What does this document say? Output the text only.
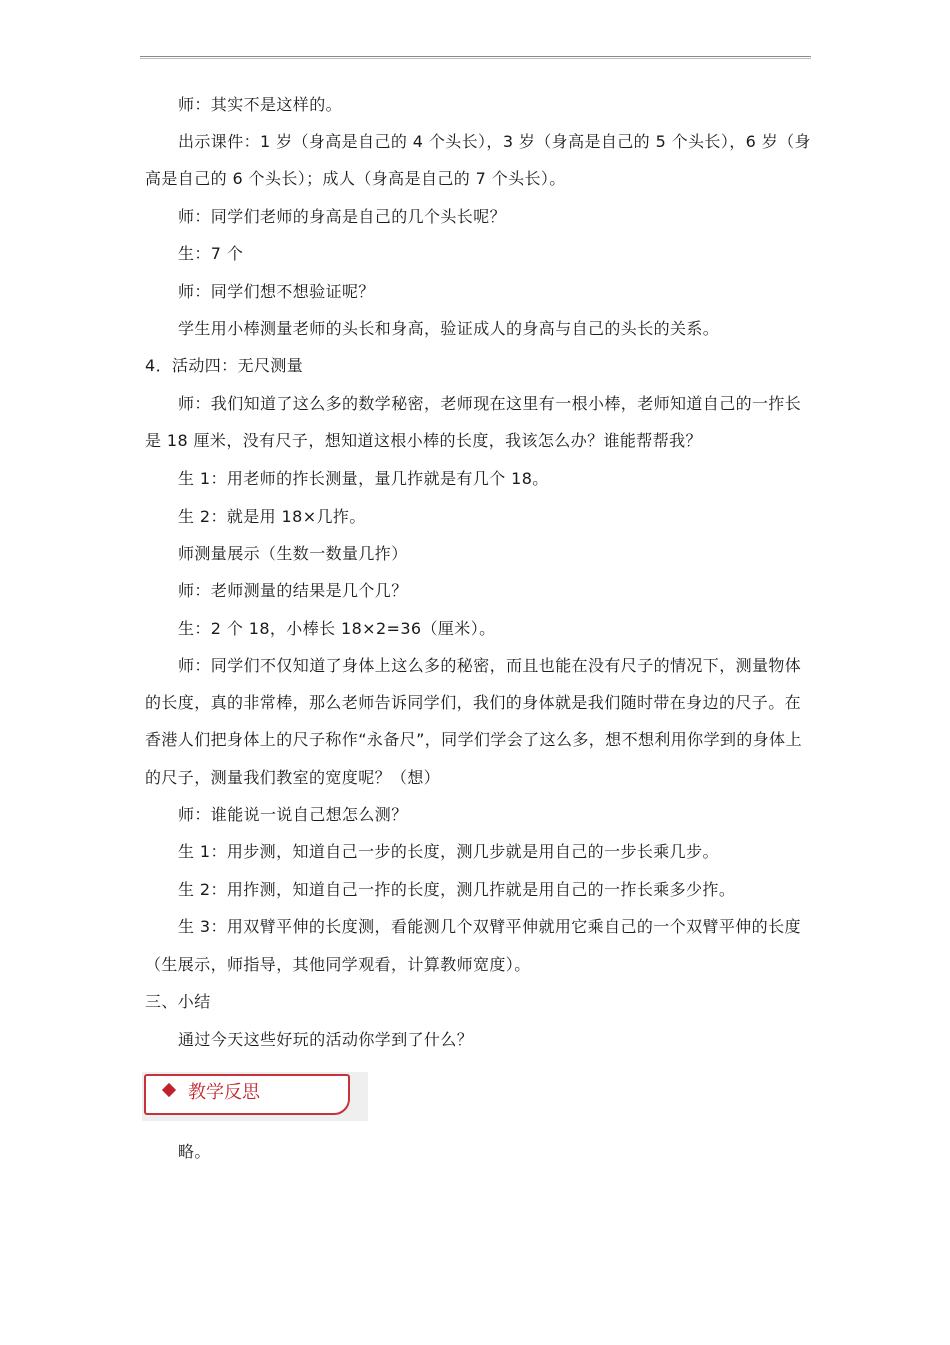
师：其实不是这样的。
出示课件：1 岁（身高是自己的 4 个头长），3 岁（身高是自己的 5 个头长），6 岁（身
高是自己的 6 个头长）；成人（身高是自己的 7 个头长）。
师：同学们老师的身高是自己的几个头长呢？
生：7 个
师：同学们想不想验证呢？
学生用小棒测量老师的头长和身高，验证成人的身高与自己的头长的关系。
4．活动四：无尺测量
师：我们知道了这么多的数学秘密，老师现在这里有一根小棒，老师知道自己的一拃长
是 18 厘米，没有尺子，想知道这根小棒的长度，我该怎么办？谁能帮帮我？
生 1：用老师的拃长测量，量几拃就是有几个 18。
生 2：就是用 18×几拃。
师测量展示（生数一数量几拃）
师：老师测量的结果是几个几？
生：2 个 18，小棒长 18×2=36（厘米）。
师：同学们不仅知道了身体上这么多的秘密，而且也能在没有尺子的情况下，测量物体
的长度，真的非常棒，那么老师告诉同学们，我们的身体就是我们随时带在身边的尺子。在
香港人们把身体上的尺子称作“永备尺”，同学们学会了这么多，想不想利用你学到的身体上
的尺子，测量我们教室的宽度呢？（想）
师：谁能说一说自己想怎么测？
生 1：用步测，知道自己一步的长度，测几步就是用自己的一步长乘几步。
生 2：用拃测，知道自己一拃的长度，测几拃就是用自己的一拃长乘多少拃。
生 3：用双臂平伸的长度测，看能测几个双臂平伸就用它乘自己的一个双臂平伸的长度
（生展示，师指导，其他同学观看，计算教师宽度）。
三、小结
通过今天这些好玩的活动你学到了什么？
教学反思
略。
